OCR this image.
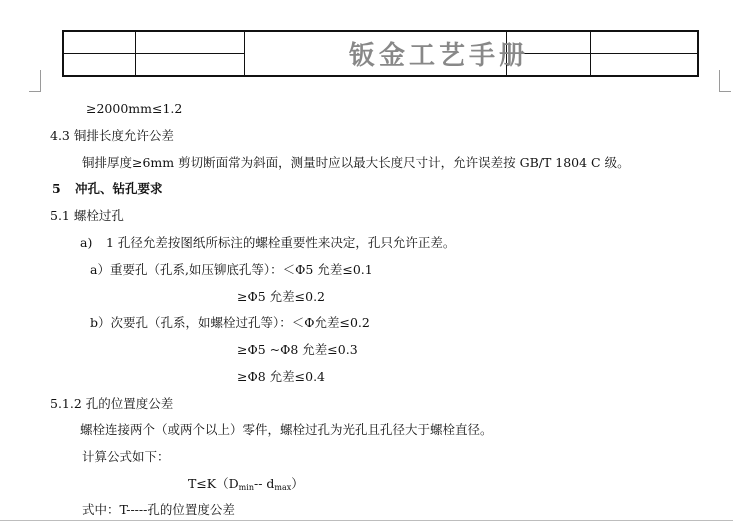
钣金工艺手册
≥2000mm≤1.2
4.3 铜排长度允许公差
铜排厚度≥6mm 剪切断面常为斜面，测量时应以最大长度尺寸计，允许误差按 GB/T 1804 C 级。
5 冲孔、钻孔要求
5.1 螺栓过孔
a) 1 孔径允差按图纸所标注的螺栓重要性来决定，孔只允许正差。
a）重要孔（孔系,如压铆底孔等）：＜Φ5 允差≤0.1
≥Φ5 允差≤0.2
b）次要孔（孔系，如螺栓过孔等）：＜Φ允差≤0.2
≥Φ5 ~Φ8 允差≤0.3
≥Φ8 允差≤0.4
5.1.2 孔的位置度公差
螺栓连接两个（或两个以上）零件，螺栓过孔为光孔且孔径大于螺栓直径。
计算公式如下：
$T\le K(D_{min}--$ $d_{max}$）
式中：T-----孔的位置度公差
